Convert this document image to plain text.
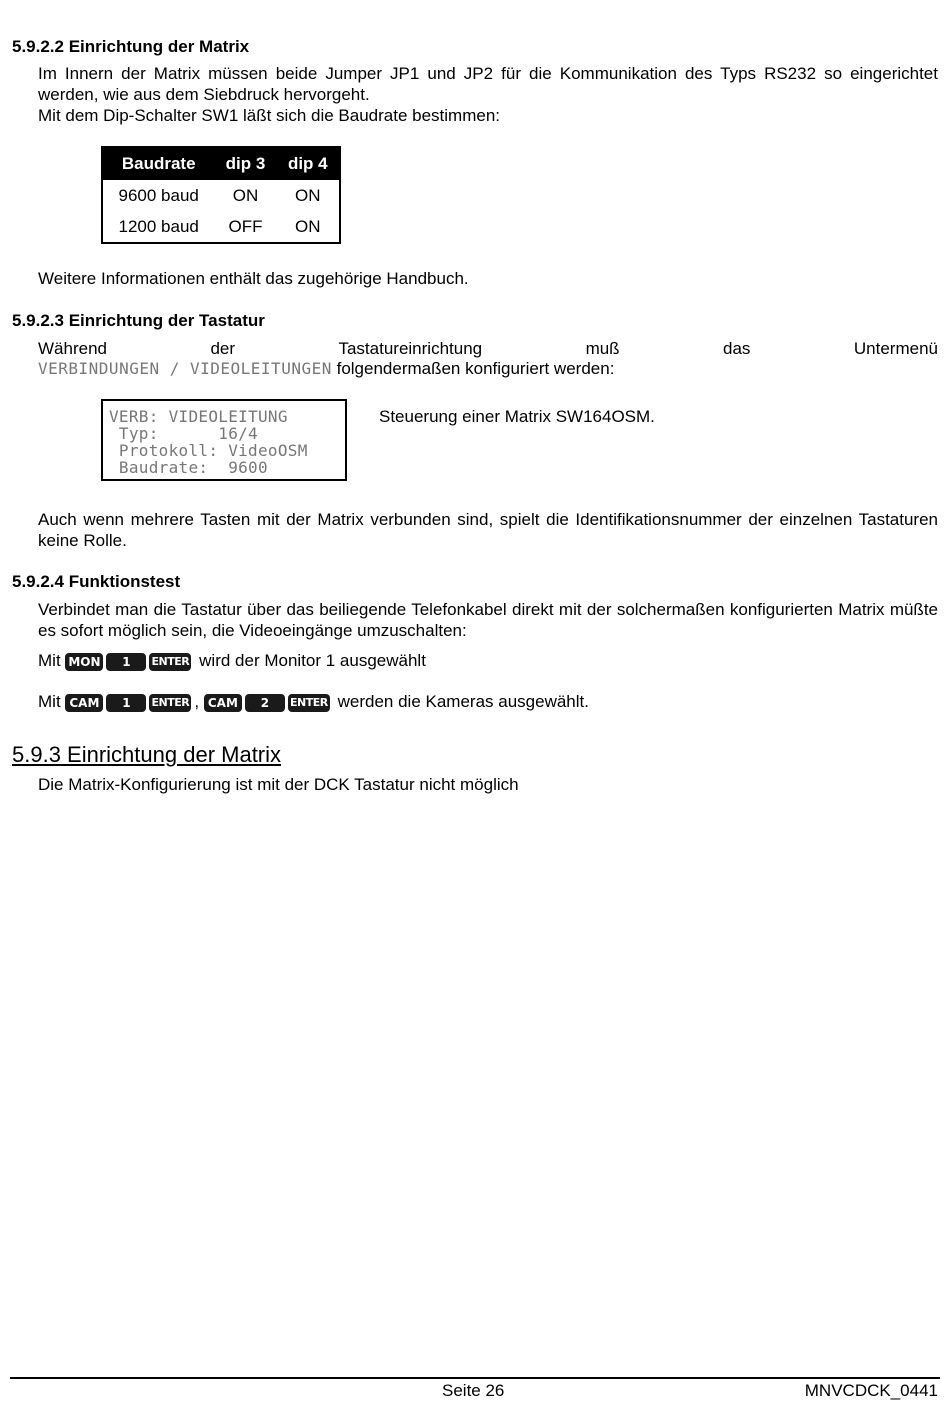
5.9.2.2 Einrichtung der Matrix
Im Innern der Matrix müssen beide Jumper JP1 und JP2 für die Kommunikation des Typs RS232 so eingerichtet werden, wie aus dem Siebdruck hervorgeht.
Mit dem Dip-Schalter SW1 läßt sich die Baudrate bestimmen:
Baudrate	dip 3	dip 4
9600 baud	ON	ON
1200 baud	OFF	ON
Weitere Informationen enthält das zugehörige Handbuch.
5.9.2.3 Einrichtung der Tastatur
Während	der	Tastatureinrichtung	muß	das	Untermenü
VERBINDUNGEN / VIDEOLEITUNGEN folgendermaßen konfiguriert werden:
VERB: VIDEOLEITUNG
Typ:      16/4
Protokoll: VideoOSM
Baudrate:  9600
Steuerung einer Matrix SW164OSM.
Auch wenn mehrere Tasten mit der Matrix verbunden sind, spielt die Identifikationsnummer der einzelnen Tastaturen keine Rolle.
5.9.2.4 Funktionstest
Verbindet man die Tastatur über das beiliegende Telefonkabel direkt mit der solchermaßen konfigurierten Matrix müßte es sofort möglich sein, die Videoeingänge umzuschalten:
Mit MON 1 ENTER wird der Monitor 1 ausgewählt
Mit CAM 1 ENTER , CAM 2 ENTER werden die Kameras ausgewählt.
5.9.3 Einrichtung der Matrix
Die Matrix-Konfigurierung ist mit der DCK Tastatur nicht möglich
Seite 26	MNVCDCK_0441
